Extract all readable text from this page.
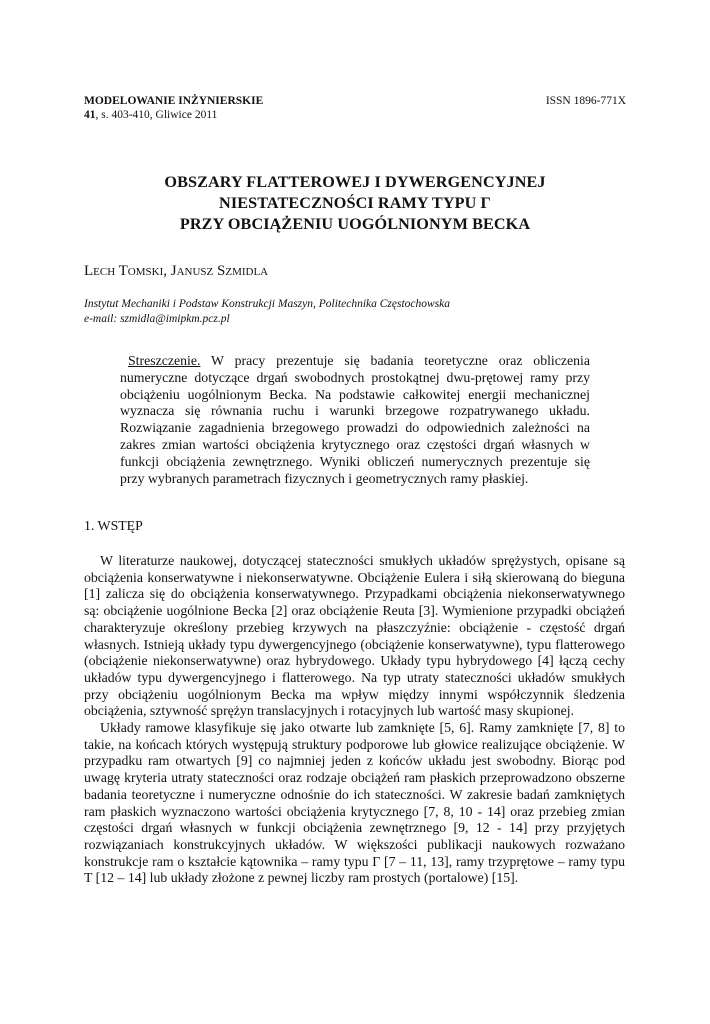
MODELOWANIE INŻYNIERSKIE
41, s. 403-410, Gliwice 2011
ISSN 1896-771X
OBSZARY FLATTEROWEJ I DYWERGENCYJNEJ
NIESTATECZNOŚCI RAMY TYPU Γ
PRZY OBCIĄŻENIU UOGÓLNIONYM BECKA
Lech Tomski, Janusz Szmidla
Instytut Mechaniki i Podstaw Konstrukcji Maszyn, Politechnika Częstochowska
e-mail: szmidla@imipkm.pcz.pl
Streszczenie. W pracy prezentuje się badania teoretyczne oraz obliczenia numeryczne dotyczące drgań swobodnych prostokątnej dwu-prętowej ramy przy obciążeniu uogólnionym Becka. Na podstawie całkowitej energii mechanicznej wyznacza się równania ruchu i warunki brzegowe rozpatrywanego układu. Rozwiązanie zagadnienia brzegowego prowadzi do odpowiednich zależności na zakres zmian wartości obciążenia krytycznego oraz częstości drgań własnych w funkcji obciążenia zewnętrznego. Wyniki obliczeń numerycznych prezentuje się przy wybranych parametrach fizycznych i geometrycznych ramy płaskiej.
1. WSTĘP

W literaturze naukowej, dotyczącej stateczności smukłych układów sprężystych, opisane są obciążenia konserwatywne i niekonserwatywne. Obciążenie Eulera i siłą skierowaną do bieguna [1] zalicza się do obciążenia konserwatywnego. Przypadkami obciążenia niekonserwatywnego są: obciążenie uogólnione Becka [2] oraz obciążenie Reuta [3]. Wymienione przypadki obciążeń charakteryzuje określony przebieg krzywych na płaszczyźnie: obciążenie - częstość drgań własnych. Istnieją układy typu dywergencyjnego (obciążenie konserwatywne), typu flatterowego (obciążenie niekonserwatywne) oraz hybrydowego. Układy typu hybrydowego [4] łączą cechy układów typu dywergencyjnego i flatterowego. Na typ utraty stateczności układów smukłych przy obciążeniu uogólnionym Becka ma wpływ między innymi współczynnik śledzenia obciążenia, sztywność sprężyn translacyjnych i rotacyjnych lub wartość masy skupionej.

Układy ramowe klasyfikuje się jako otwarte lub zamknięte [5, 6]. Ramy zamknięte [7, 8] to takie, na końcach których występują struktury podporowe lub głowice realizujące obciążenie. W przypadku ram otwartych [9] co najmniej jeden z końców układu jest swobodny. Biorąc pod uwagę kryteria utraty stateczności oraz rodzaje obciążeń ram płaskich przeprowadzono obszerne badania teoretyczne i numeryczne odnośnie do ich stateczności. W zakresie badań zamkniętych ram płaskich wyznaczono wartości obciążenia krytycznego [7, 8, 10 - 14] oraz przebieg zmian częstości drgań własnych w funkcji obciążenia zewnętrznego [9, 12 - 14] przy przyjętych rozwiązaniach konstrukcyjnych układów. W większości publikacji naukowych rozważano konstrukcje ram o kształcie kątownika – ramy typu Γ [7 – 11, 13], ramy trzyprętowe – ramy typu T [12 – 14] lub układy złożone z pewnej liczby ram prostych (portalowe) [15].
